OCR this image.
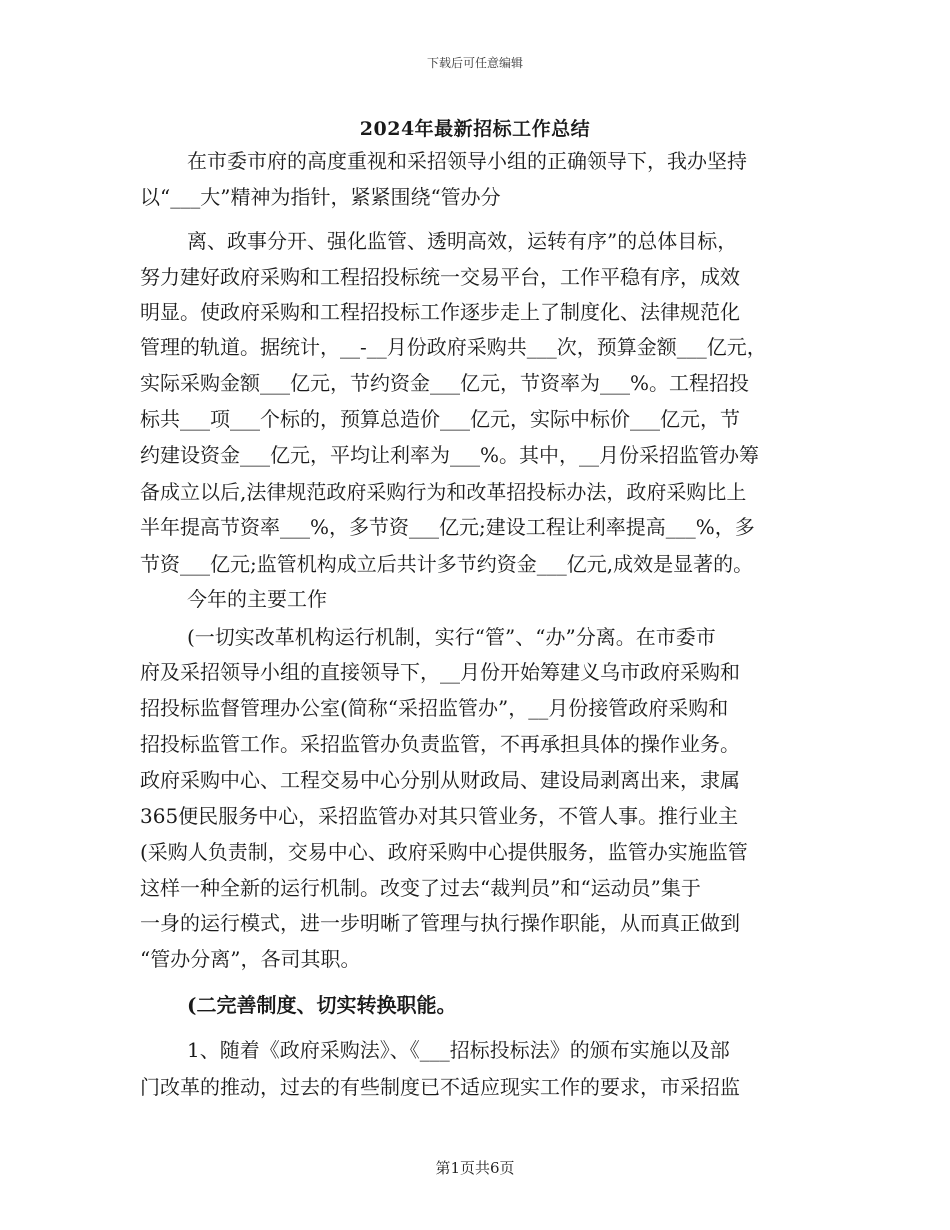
下载后可任意编辑
2024年最新招标工作总结
在市委市府的高度重视和采招领导小组的正确领导下，我办坚持
以“___大”精神为指针，紧紧围绕“管办分
离、政事分开、强化监管、透明高效，运转有序”的总体目标，
努力建好政府采购和工程招投标统一交易平台，工作平稳有序，成效
明显。使政府采购和工程招投标工作逐步走上了制度化、法律规范化
管理的轨道。据统计，__-__月份政府采购共___次，预算金额___亿元，
实际采购金额___亿元，节约资金___亿元，节资率为___%。工程招投
标共___项___个标的，预算总造价___亿元，实际中标价___亿元，节
约建设资金___亿元，平均让利率为___%。其中，__月份采招监管办筹
备成立以后,法律规范政府采购行为和改革招投标办法，政府采购比上
半年提高节资率___%，多节资___亿元;建设工程让利率提高___%，多
节资___亿元;监管机构成立后共计多节约资金___亿元,成效是显著的。
今年的主要工作
(一切实改革机构运行机制，实行“管”、“办”分离。在市委市
府及采招领导小组的直接领导下，__月份开始筹建义乌市政府采购和
招投标监督管理办公室(简称“采招监管办”，__月份接管政府采购和
招投标监管工作。采招监管办负责监管，不再承担具体的操作业务。
政府采购中心、工程交易中心分别从财政局、建设局剥离出来，隶属
365便民服务中心，采招监管办对其只管业务，不管人事。推行业主
(采购人负责制，交易中心、政府采购中心提供服务，监管办实施监管
这样一种全新的运行机制。改变了过去“裁判员”和“运动员”集于
一身的运行模式，进一步明晰了管理与执行操作职能，从而真正做到
“管办分离”，各司其职。
(二完善制度、切实转换职能。
1、随着《政府采购法》、《___招标投标法》的颁布实施以及部
门改革的推动，过去的有些制度已不适应现实工作的要求，市采招监
第1页共6页
